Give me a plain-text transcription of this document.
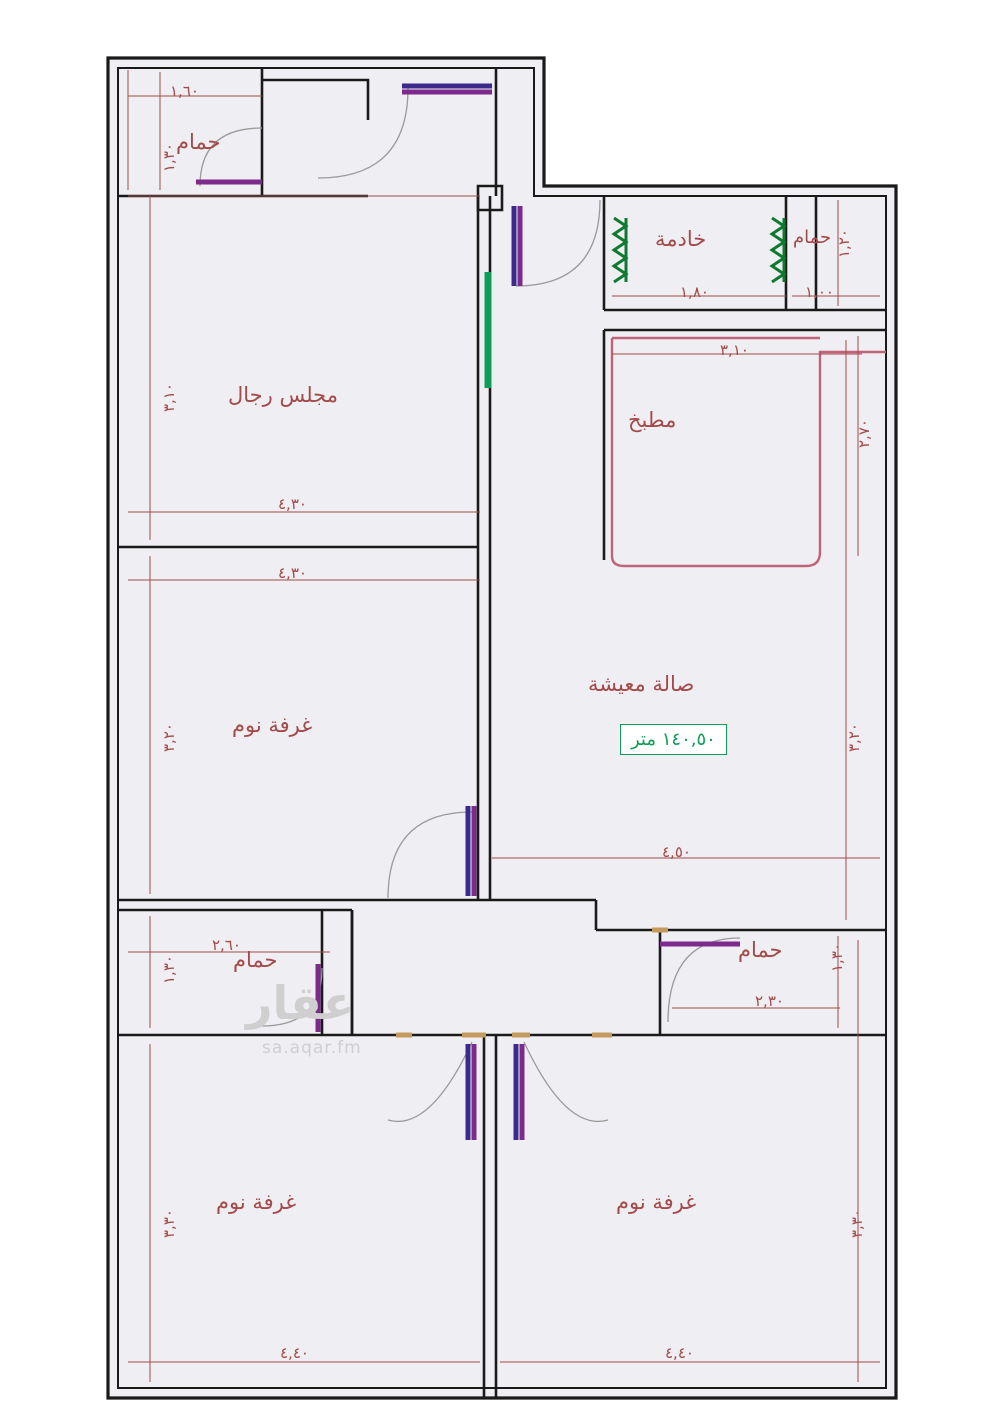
عقار
sa.aqar.fm
١٤٠,٥٠ متر
حمام
مجلس رجال
خادمة	حمام
مطبخ
صالة معيشة
غرفة نوم
حمام	حمام
غرفة نوم	غرفة نوم
١,٦٠
١,٨٠	١,٠٠
٣,١٠
٤,٣٠
٤,٣٠
٤,٥٠
٢,٦٠
٢,٣٠
٤,٤٠	٤,٤٠
١,٣٠
٣,١٠
١,٢٠
٢,٧٠
٣,٢٠	٣,٢٠
١,٣٠	١,٣٠
٣,٣٠	٣,٣٠
